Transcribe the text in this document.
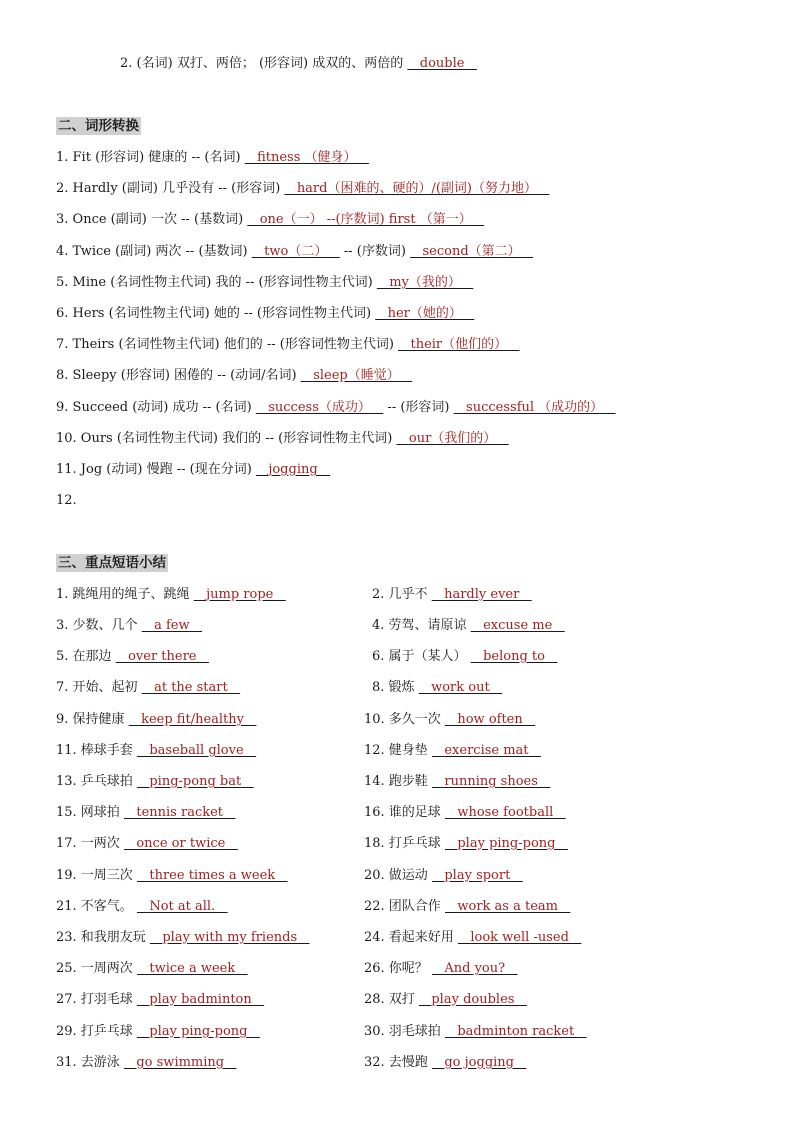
2. (名词) 双打、两倍； (形容词) 成双的、两倍的 double
二、词形转换
1. Fit (形容词) 健康的 -- (名词) fitness （健身）
2. Hardly (副词) 几乎没有 -- (形容词) hard（困难的、硬的）/(副词)（努力地）
3. Once (副词) 一次 -- (基数词) one（一） --(序数词) first （第一）
4. Twice (副词) 两次 -- (基数词) two（二）    -- (序数词) second（第二）
5. Mine (名词性物主代词) 我的 -- (形容词性物主代词) my（我的）
6. Hers (名词性物主代词) 她的 -- (形容词性物主代词) her（她的）
7. Theirs (名词性物主代词) 他们的 -- (形容词性物主代词) their（他们的）
8. Sleepy (形容词) 困倦的 -- (动词/名词) sleep（睡觉）
9. Succeed (动词) 成功 -- (名词) success（成功）    -- (形容词) successful （成功的）
10. Ours (名词性物主代词) 我们的 -- (形容词性物主代词) our（我们的）
11. Jog (动词) 慢跑 -- (现在分词) jogging
12.
三、重点短语小结
1. 跳绳用的绳子、跳绳 jump rope
3. 少数、几个 a few
5. 在那边 over there
7. 开始、起初 at the start
9. 保持健康 keep fit/healthy
11. 棒球手套 baseball glove
13. 乒乓球拍 ping-pong bat
15. 网球拍 tennis racket
17. 一两次 once or twice
19. 一周三次 three times a week
21. 不客气。 Not at all.
23. 和我朋友玩 play with my friends
25. 一周两次 twice a week
27. 打羽毛球 play badminton
29. 打乒乓球 play ping-pong
31. 去游泳 go swimming
2. 几乎不 hardly ever
4. 劳驾、请原谅 excuse me
6. 属于（某人） belong to
8. 锻炼 work out
10. 多久一次 how often
12. 健身垫 exercise mat
14. 跑步鞋 running shoes
16. 谁的足球 whose football
18. 打乒乓球 play ping-pong
20. 做运动 play sport
22. 团队合作 work as a team
24. 看起来好用 look well -used
26. 你呢？ And you?
28. 双打 play doubles
30. 羽毛球拍 badminton racket
32. 去慢跑 go jogging
